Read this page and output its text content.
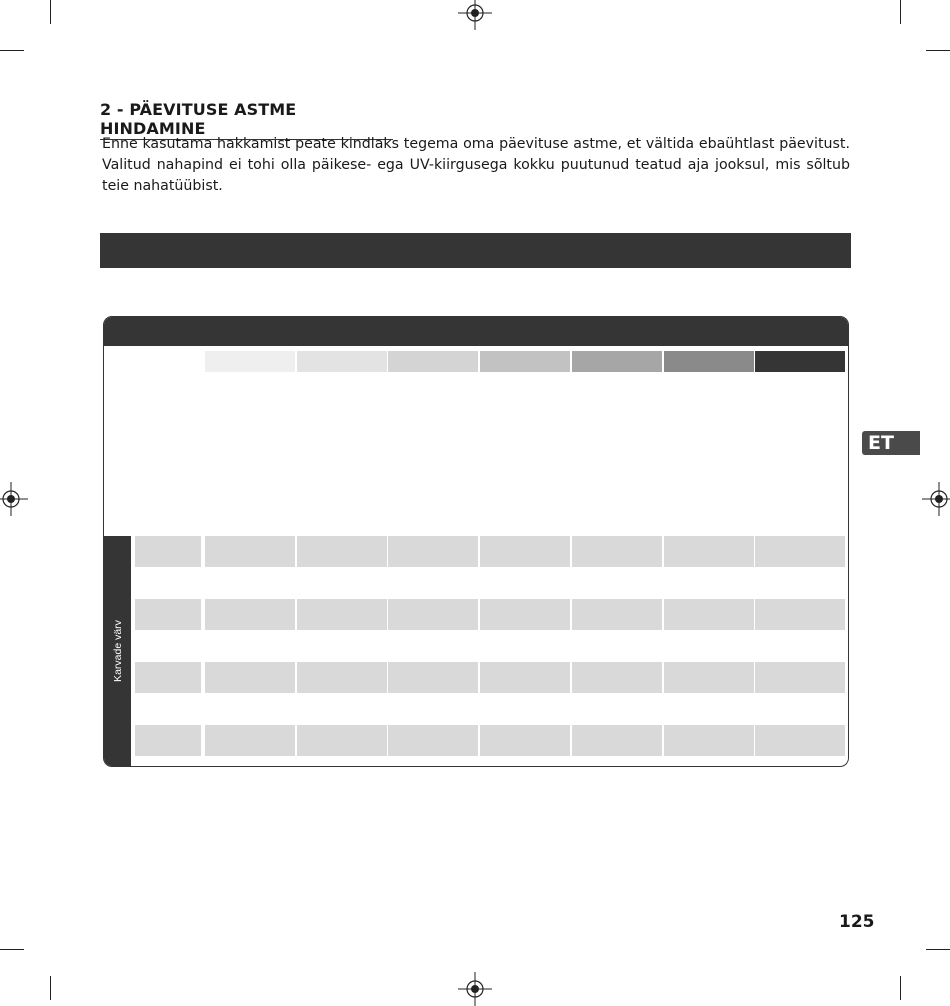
2 - PÄEVITUSE ASTME HINDAMINE

Enne kasutama hakkamist peate kindlaks tegema oma päevituse astme, et vältida ebaühtlast päevitust. Valitud nahapind ei tohi olla päikese- ega UV-kiirgusega kokku puutunud teatud aja jooksul, mis sõltub teie nahatüübist.

Karvade värv
ET
125
